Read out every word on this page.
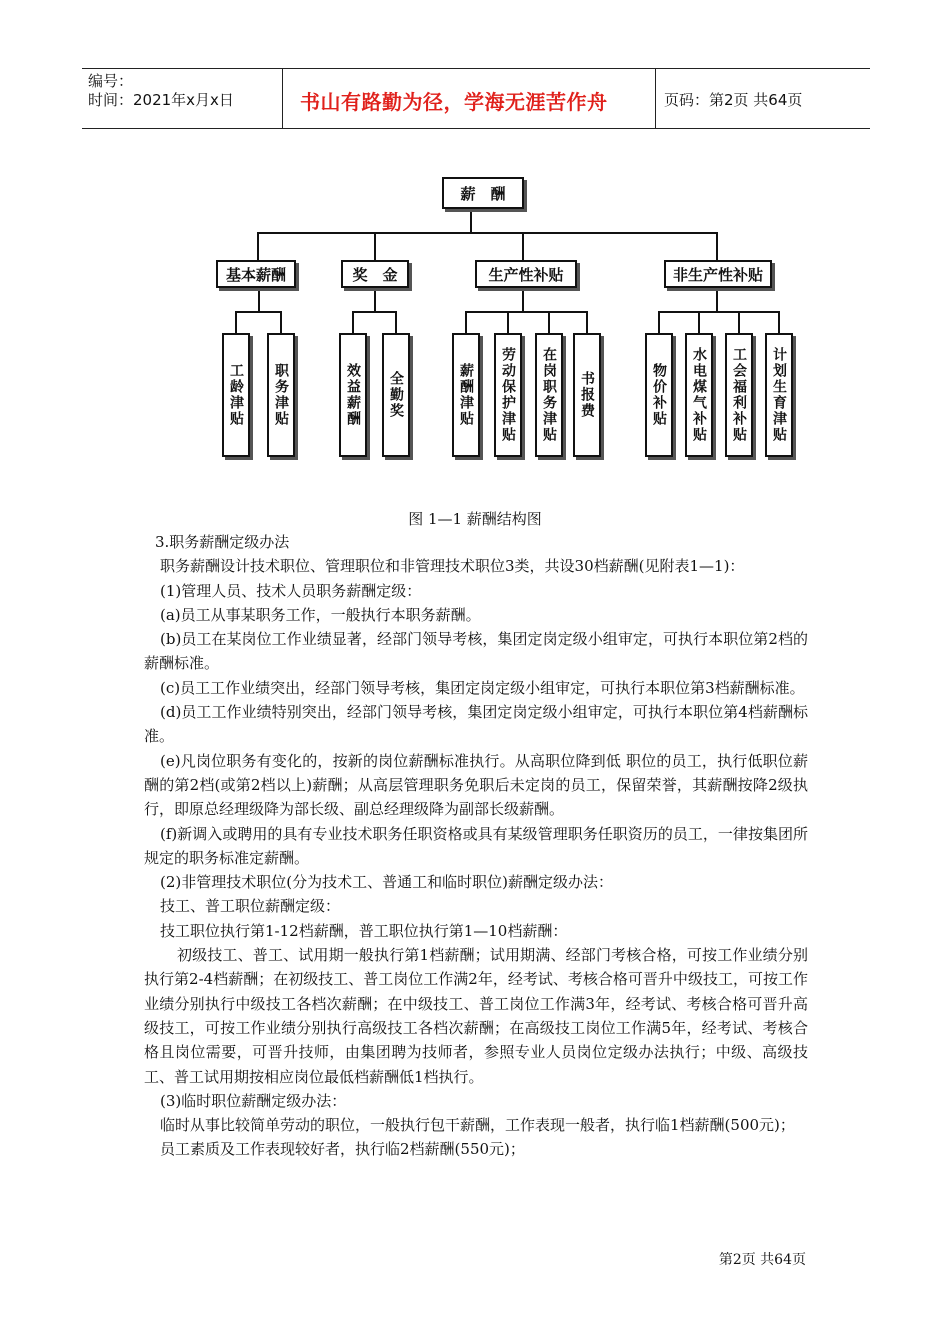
编号：
时间：2021年x月x日	书山有路勤为径，学海无涯苦作舟	页码：第2页 共64页
薪　酬
基本薪酬	奖　金	生产性补贴	非生产性补贴
工龄津贴	职务津贴	效益薪酬	全勤奖	薪酬津贴	劳动保护津贴	在岗职务津贴	书报费	物价补贴	水电煤气补贴	工会福利补贴	计划生育津贴
图 1—1 薪酬结构图

3.职务薪酬定级办法

职务薪酬设计技术职位、管理职位和非管理技术职位3类，共设30档薪酬(见附表1—1)：

(1)管理人员、技术人员职务薪酬定级：

(a)员工从事某职务工作，一般执行本职务薪酬。

(b)员工在某岗位工作业绩显著，经部门领导考核，集团定岗定级小组审定，可执行本职位第2档的薪酬标准。

(c)员工工作业绩突出，经部门领导考核，集团定岗定级小组审定，可执行本职位第3档薪酬标准。

(d)员工工作业绩特别突出，经部门领导考核，集团定岗定级小组审定，可执行本职位第4档薪酬标准。

(e)凡岗位职务有变化的，按新的岗位薪酬标准执行。从高职位降到低 职位的员工，执行低职位薪酬的第2档(或第2档以上)薪酬；从高层管理职务免职后未定岗的员工，保留荣誉，其薪酬按降2级执行，即原总经理级降为部长级、副总经理级降为副部长级薪酬。

(f)新调入或聘用的具有专业技术职务任职资格或具有某级管理职务任职资历的员工，一律按集团所规定的职务标准定薪酬。

(2)非管理技术职位(分为技术工、普通工和临时职位)薪酬定级办法：

技工、普工职位薪酬定级：

技工职位执行第1-12档薪酬，普工职位执行第1—10档薪酬：

初级技工、普工、试用期一般执行第1档薪酬；试用期满、经部门考核合格，可按工作业绩分别执行第2-4档薪酬；在初级技工、普工岗位工作满2年，经考试、考核合格可晋升中级技工，可按工作业绩分别执行中级技工各档次薪酬；在中级技工、普工岗位工作满3年，经考试、考核合格可晋升高级技工，可按工作业绩分别执行高级技工各档次薪酬；在高级技工岗位工作满5年，经考试、考核合格且岗位需要，可晋升技师，由集团聘为技师者，参照专业人员岗位定级办法执行；中级、高级技工、普工试用期按相应岗位最低档薪酬低1档执行。

(3)临时职位薪酬定级办法：

临时从事比较简单劳动的职位，一般执行包干薪酬，工作表现一般者，执行临1档薪酬(500元)；

员工素质及工作表现较好者，执行临2档薪酬(550元)；

第2页 共64页
